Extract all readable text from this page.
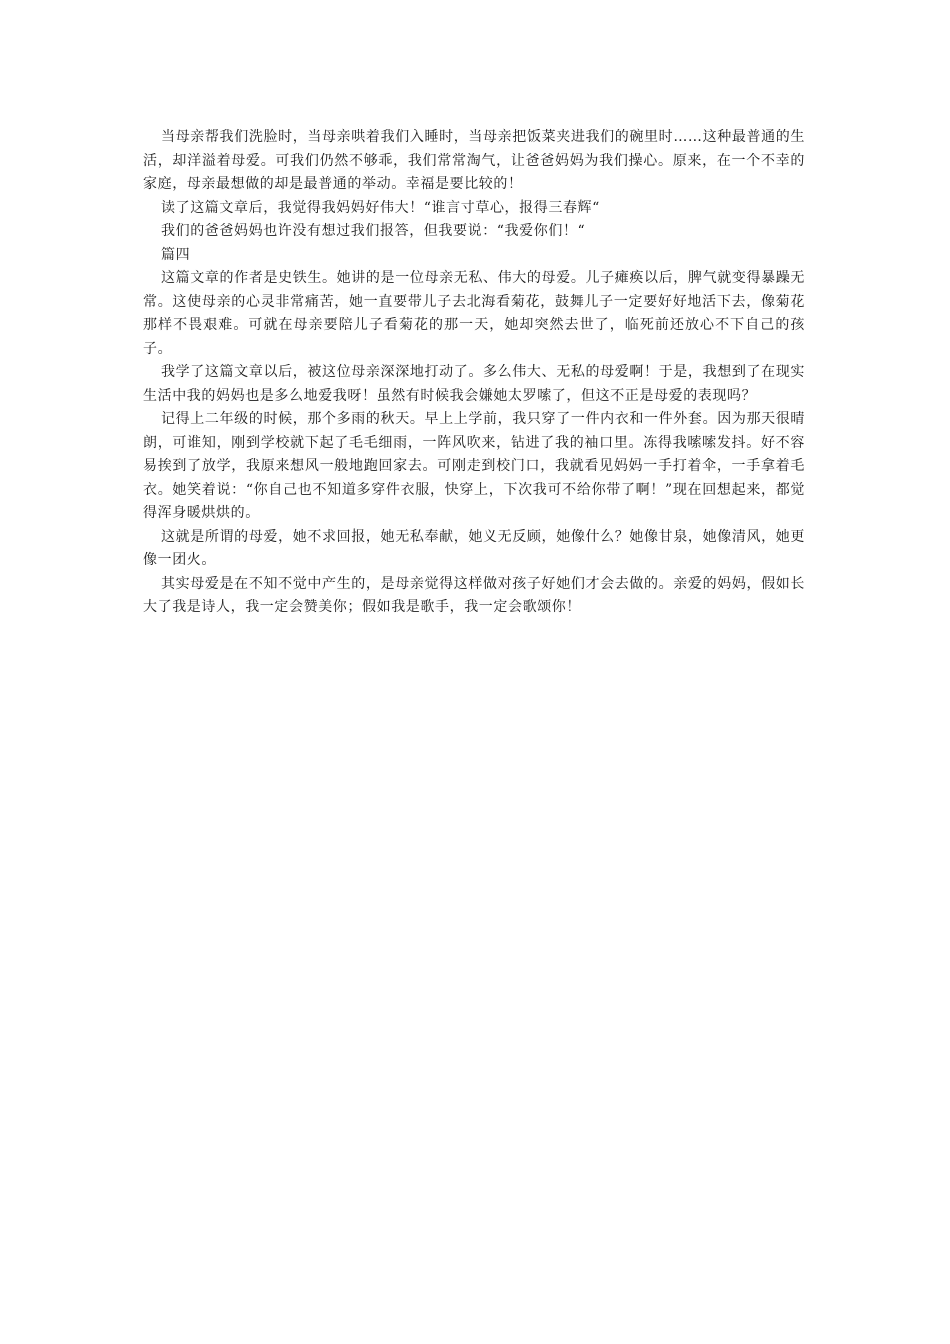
当母亲帮我们洗脸时，当母亲哄着我们入睡时，当母亲把饭菜夹进我们的碗里时……这种最普通的生活，却洋溢着母爱。可我们仍然不够乖，我们常常淘气，让爸爸妈妈为我们操心。原来，在一个不幸的家庭，母亲最想做的却是最普通的举动。幸福是要比较的！

读了这篇文章后，我觉得我妈妈好伟大！“谁言寸草心，报得三春辉“

我们的爸爸妈妈也许没有想过我们报答，但我要说：“我爱你们！“

篇四

这篇文章的作者是史铁生。她讲的是一位母亲无私、伟大的母爱。儿子瘫痪以后，脾气就变得暴躁无常。这使母亲的心灵非常痛苦，她一直要带儿子去北海看菊花，鼓舞儿子一定要好好地活下去，像菊花那样不畏艰难。可就在母亲要陪儿子看菊花的那一天，她却突然去世了，临死前还放心不下自己的孩子。

我学了这篇文章以后，被这位母亲深深地打动了。多么伟大、无私的母爱啊！于是，我想到了在现实生活中我的妈妈也是多么地爱我呀！虽然有时候我会嫌她太罗嗦了，但这不正是母爱的表现吗？

记得上二年级的时候，那个多雨的秋天。早上上学前，我只穿了一件内衣和一件外套。因为那天很晴朗，可谁知，刚到学校就下起了毛毛细雨，一阵风吹来，钻进了我的袖口里。冻得我嗦嗦发抖。好不容易挨到了放学，我原来想风一般地跑回家去。可刚走到校门口，我就看见妈妈一手打着伞，一手拿着毛衣。她笑着说：“你自己也不知道多穿件衣服，快穿上，下次我可不给你带了啊！”现在回想起来，都觉得浑身暖烘烘的。

这就是所谓的母爱，她不求回报，她无私奉献，她义无反顾，她像什么？她像甘泉，她像清风，她更像一团火。

其实母爱是在不知不觉中产生的，是母亲觉得这样做对孩子好她们才会去做的。亲爱的妈妈，假如长大了我是诗人，我一定会赞美你；假如我是歌手，我一定会歌颂你！
